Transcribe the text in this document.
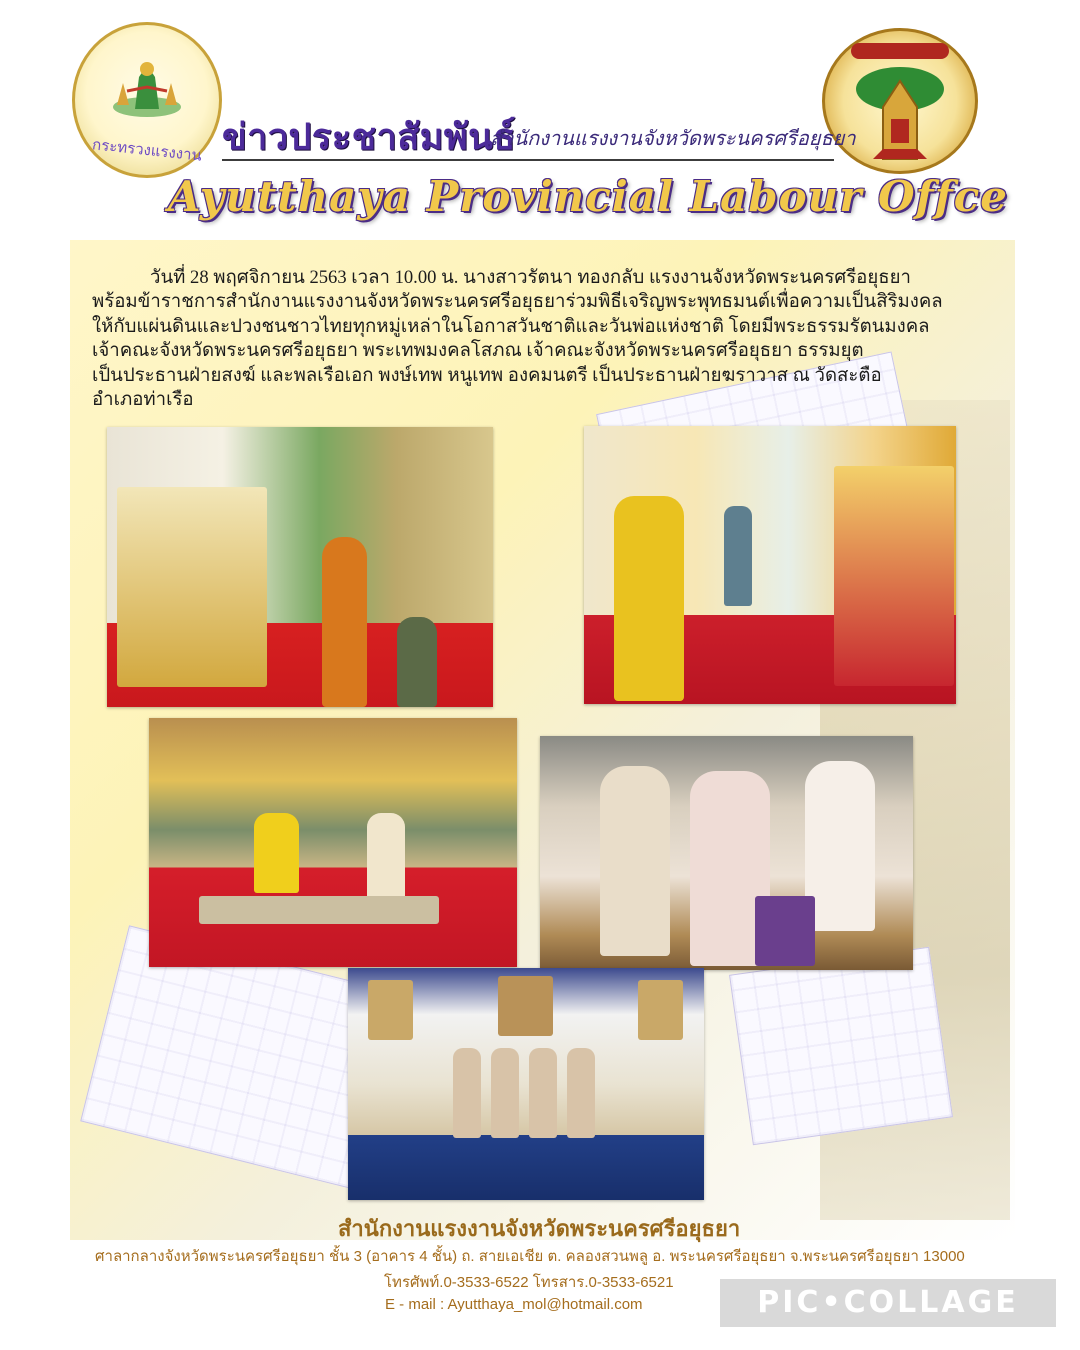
กระทรวงแรงงาน ข่าวประชาสัมพันธ์
สำนักงานแรงงานจังหวัดพระนครศรีอยุธยา
Ayutthaya Provincial Labour Offce

วันที่ 28 พฤศจิกายน 2563 เวลา 10.00 น. นางสาวรัตนา ทองกลับ แรงงานจังหวัดพระนครศรีอยุธยา
พร้อมข้าราชการสำนักงานแรงงานจังหวัดพระนครศรีอยุธยาร่วมพิธีเจริญพระพุทธมนต์เพื่อความเป็นสิริมงคล
ให้กับแผ่นดินและปวงชนชาวไทยทุกหมู่เหล่าในโอกาสวันชาติและวันพ่อแห่งชาติ โดยมีพระธรรมรัตนมงคล
เจ้าคณะจังหวัดพระนครศรีอยุธยา พระเทพมงคลโสภณ เจ้าคณะจังหวัดพระนครศรีอยุธยา ธรรมยุต
เป็นประธานฝ่ายสงฆ์ และพลเรือเอก พงษ์เทพ หนูเทพ องคมนตรี เป็นประธานฝ่ายฆราวาส ณ วัดสะตือ
อำเภอท่าเรือ

สำนักงานแรงงานจังหวัดพระนครศรีอยุธยา
ศาลากลางจังหวัดพระนครศรีอยุธยา ชั้น 3 (อาคาร 4 ชั้น) ถ. สายเอเชีย ต. คลองสวนพลู อ. พระนครศรีอยุธยา จ.พระนครศรีอยุธยา 13000
โทรศัพท์.0-3533-6522 โทรสาร.0-3533-6521
E - mail : Ayutthaya_mol@hotmail.com	PIC•COLLAGE
